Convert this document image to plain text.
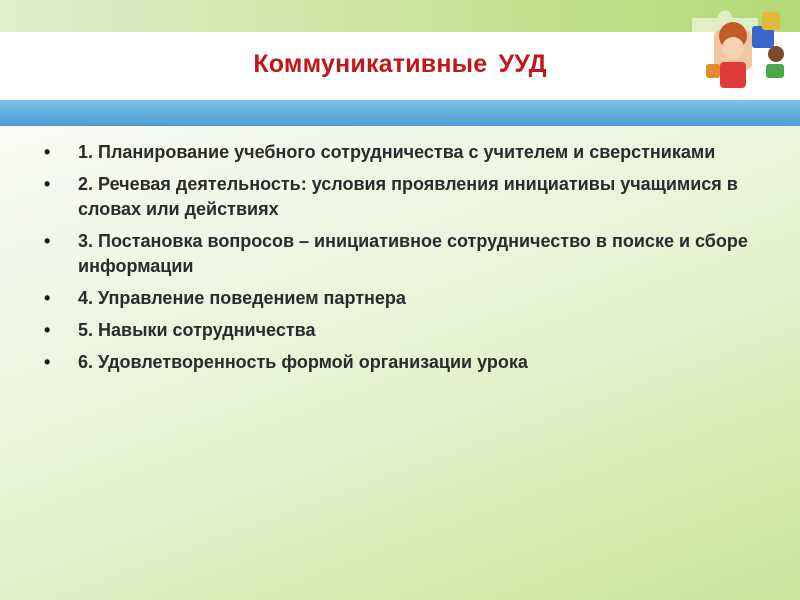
Коммуникативные УУД
• 1. Планирование учебного сотрудничества с учителем и сверстниками
• 2. Речевая деятельность: условия проявления инициативы учащимися в словах или действиях
• 3. Постановка вопросов – инициативное сотрудничество в поиске и сборе информации
• 4. Управление поведением партнера
• 5. Навыки сотрудничества
• 6. Удовлетворенность формой организации урока
